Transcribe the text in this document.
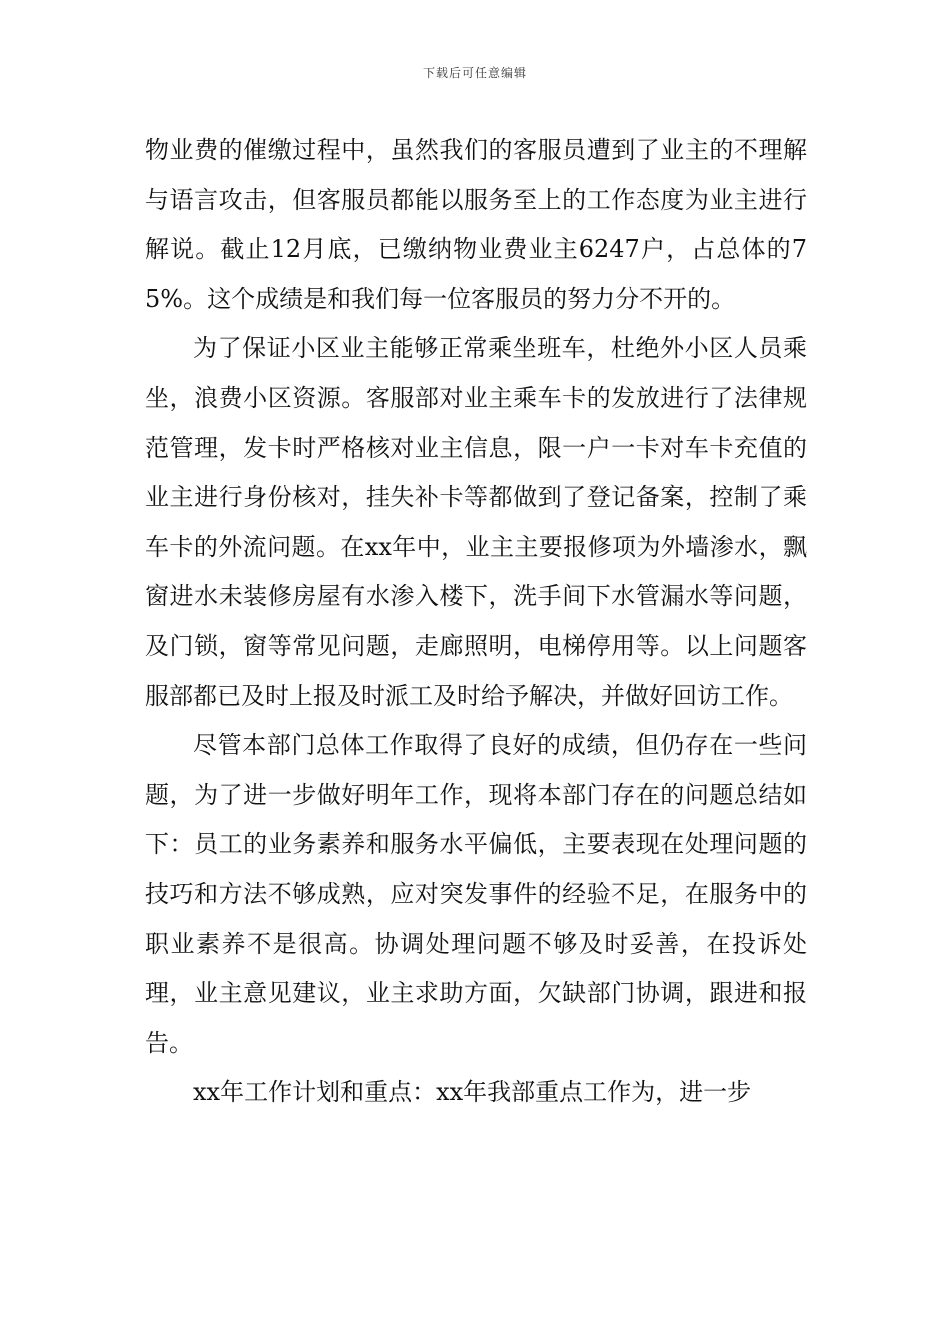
下载后可任意编辑

物业费的催缴过程中，虽然我们的客服员遭到了业主的不理解与语言攻击，但客服员都能以服务至上的工作态度为业主进行解说。截止12月底，已缴纳物业费业主6247户，占总体的75%。这个成绩是和我们每一位客服员的努力分不开的。

为了保证小区业主能够正常乘坐班车，杜绝外小区人员乘坐，浪费小区资源。客服部对业主乘车卡的发放进行了法律规范管理，发卡时严格核对业主信息，限一户一卡对车卡充值的业主进行身份核对，挂失补卡等都做到了登记备案，控制了乘车卡的外流问题。在xx年中，业主主要报修项为外墙渗水，飘窗进水未装修房屋有水渗入楼下，洗手间下水管漏水等问题，及门锁，窗等常见问题，走廊照明，电梯停用等。以上问题客服部都已及时上报及时派工及时给予解决，并做好回访工作。

尽管本部门总体工作取得了良好的成绩，但仍存在一些问题，为了进一步做好明年工作，现将本部门存在的问题总结如下：员工的业务素养和服务水平偏低，主要表现在处理问题的技巧和方法不够成熟，应对突发事件的经验不足，在服务中的职业素养不是很高。协调处理问题不够及时妥善，在投诉处理，业主意见建议，业主求助方面，欠缺部门协调，跟进和报告。

xx年工作计划和重点：xx年我部重点工作为，进一步
